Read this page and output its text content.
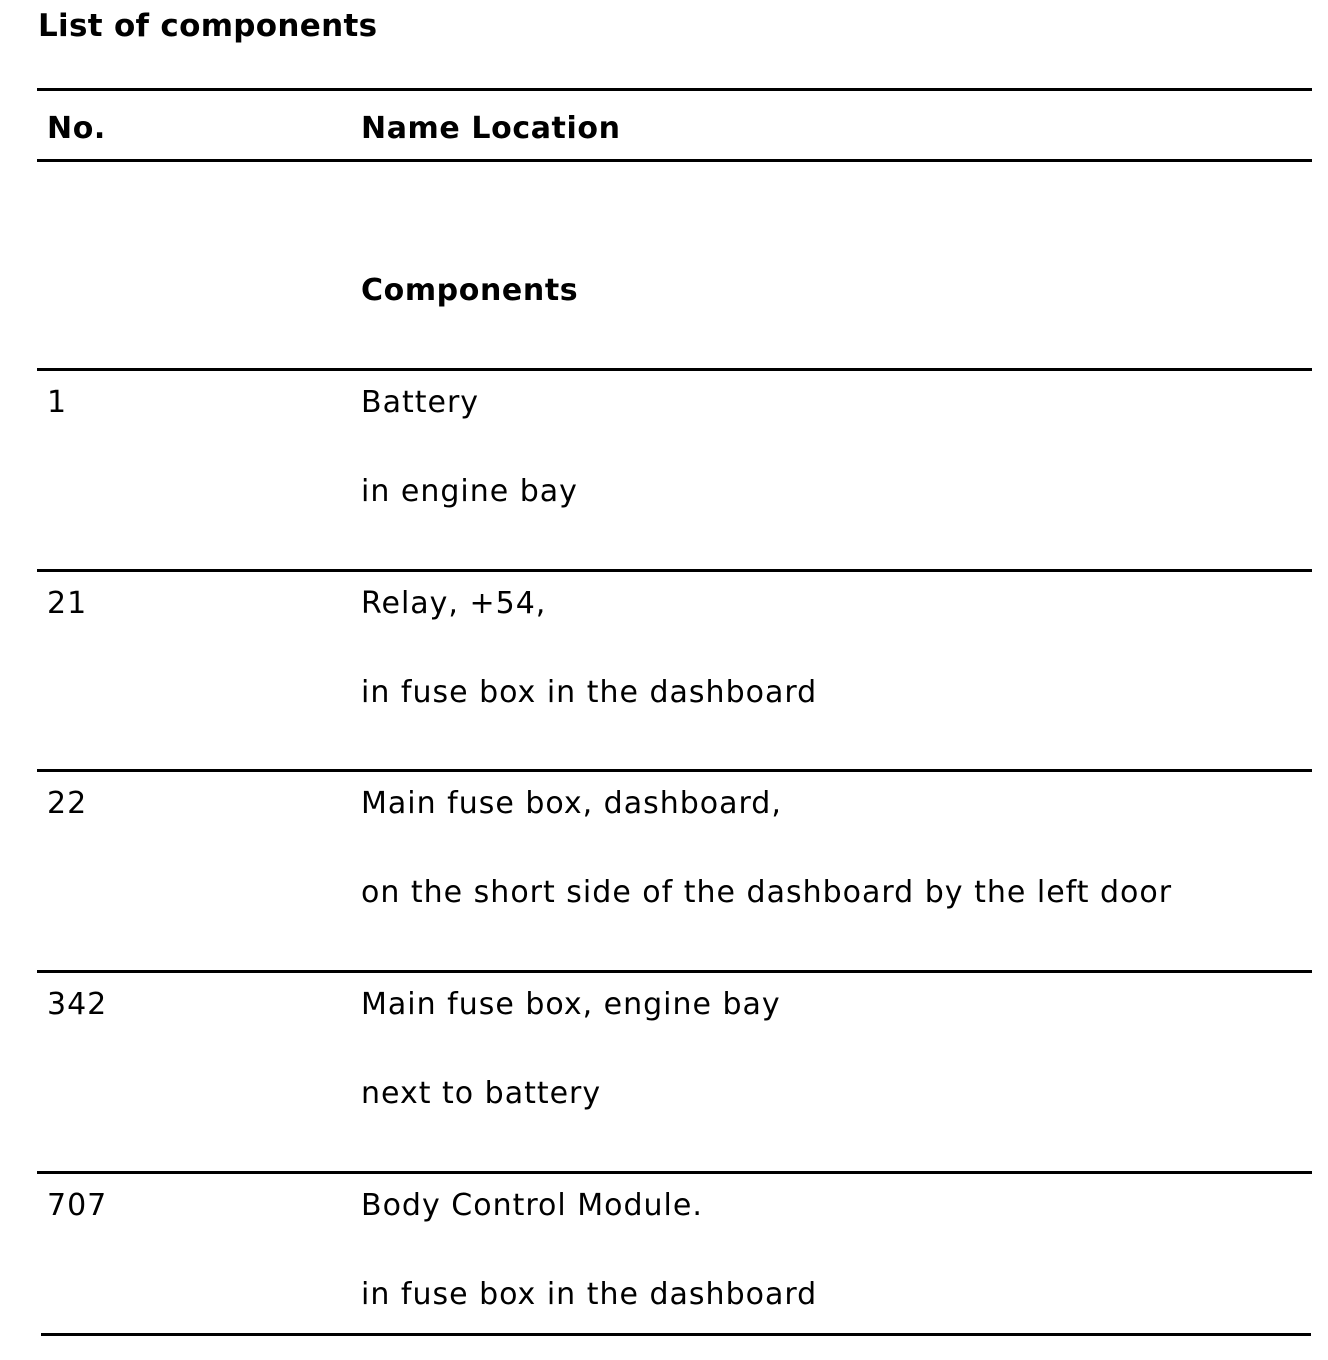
List of components
No.	Name Location
Components
1	Battery
in engine bay
21	Relay, +54,
in fuse box in the dashboard
22	Main fuse box, dashboard,
on the short side of the dashboard by the left door
342	Main fuse box, engine bay
next to battery
707	Body Control Module.
in fuse box in the dashboard
